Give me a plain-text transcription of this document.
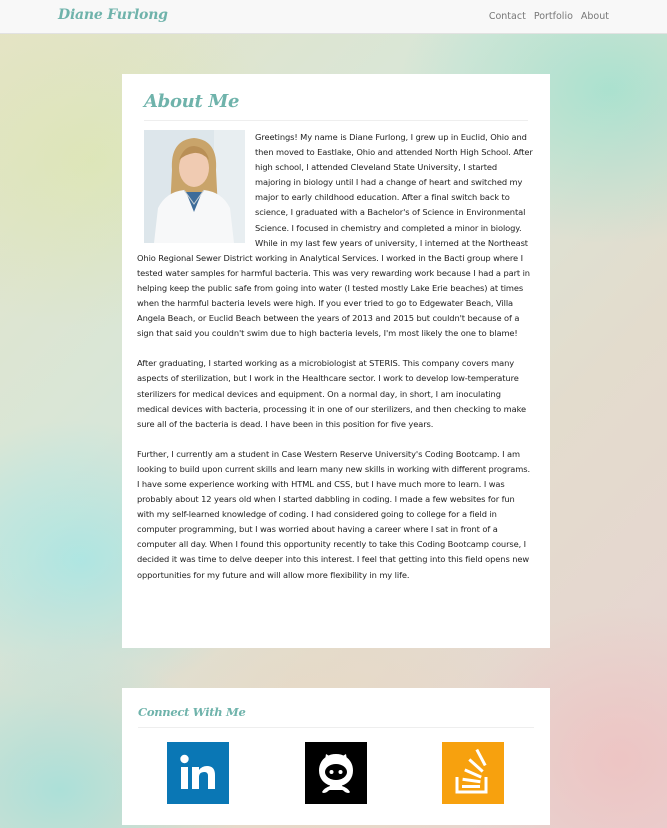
Diane Furlong	Contact Portfolio About
About Me

Greetings! My name is Diane Furlong, I grew up in Euclid, Ohio and then moved to Eastlake, Ohio and attended North High School. After high school, I attended Cleveland State University, I started majoring in biology until I had a change of heart and switched my major to early childhood education. After a final switch back to science, I graduated with a Bachelor's of Science in Environmental Science. I focused in chemistry and completed a minor in biology. While in my last few years of university, I interned at the Northeast Ohio Regional Sewer District working in Analytical Services. I worked in the Bacti group where I tested water samples for harmful bacteria. This was very rewarding work because I had a part in helping keep the public safe from going into water (I tested mostly Lake Erie beaches) at times when the harmful bacteria levels were high. If you ever tried to go to Edgewater Beach, Villa Angela Beach, or Euclid Beach between the years of 2013 and 2015 but couldn't because of a sign that said you couldn't swim due to high bacteria levels, I'm most likely the one to blame!

After graduating, I started working as a microbiologist at STERIS. This company covers many aspects of sterilization, but I work in the Healthcare sector. I work to develop low-temperature sterilizers for medical devices and equipment. On a normal day, in short, I am inoculating medical devices with bacteria, processing it in one of our sterilizers, and then checking to make sure all of the bacteria is dead. I have been in this position for five years.

Further, I currently am a student in Case Western Reserve University's Coding Bootcamp. I am looking to build upon current skills and learn many new skills in working with different programs. I have some experience working with HTML and CSS, but I have much more to learn. I was probably about 12 years old when I started dabbling in coding. I made a few websites for fun with my self-learned knowledge of coding. I had considered going to college for a field in computer programming, but I was worried about having a career where I sat in front of a computer all day. When I found this opportunity recently to take this Coding Bootcamp course, I decided it was time to delve deeper into this interest. I feel that getting into this field opens new opportunities for my future and will allow more flexibility in my life.

Connect With Me
